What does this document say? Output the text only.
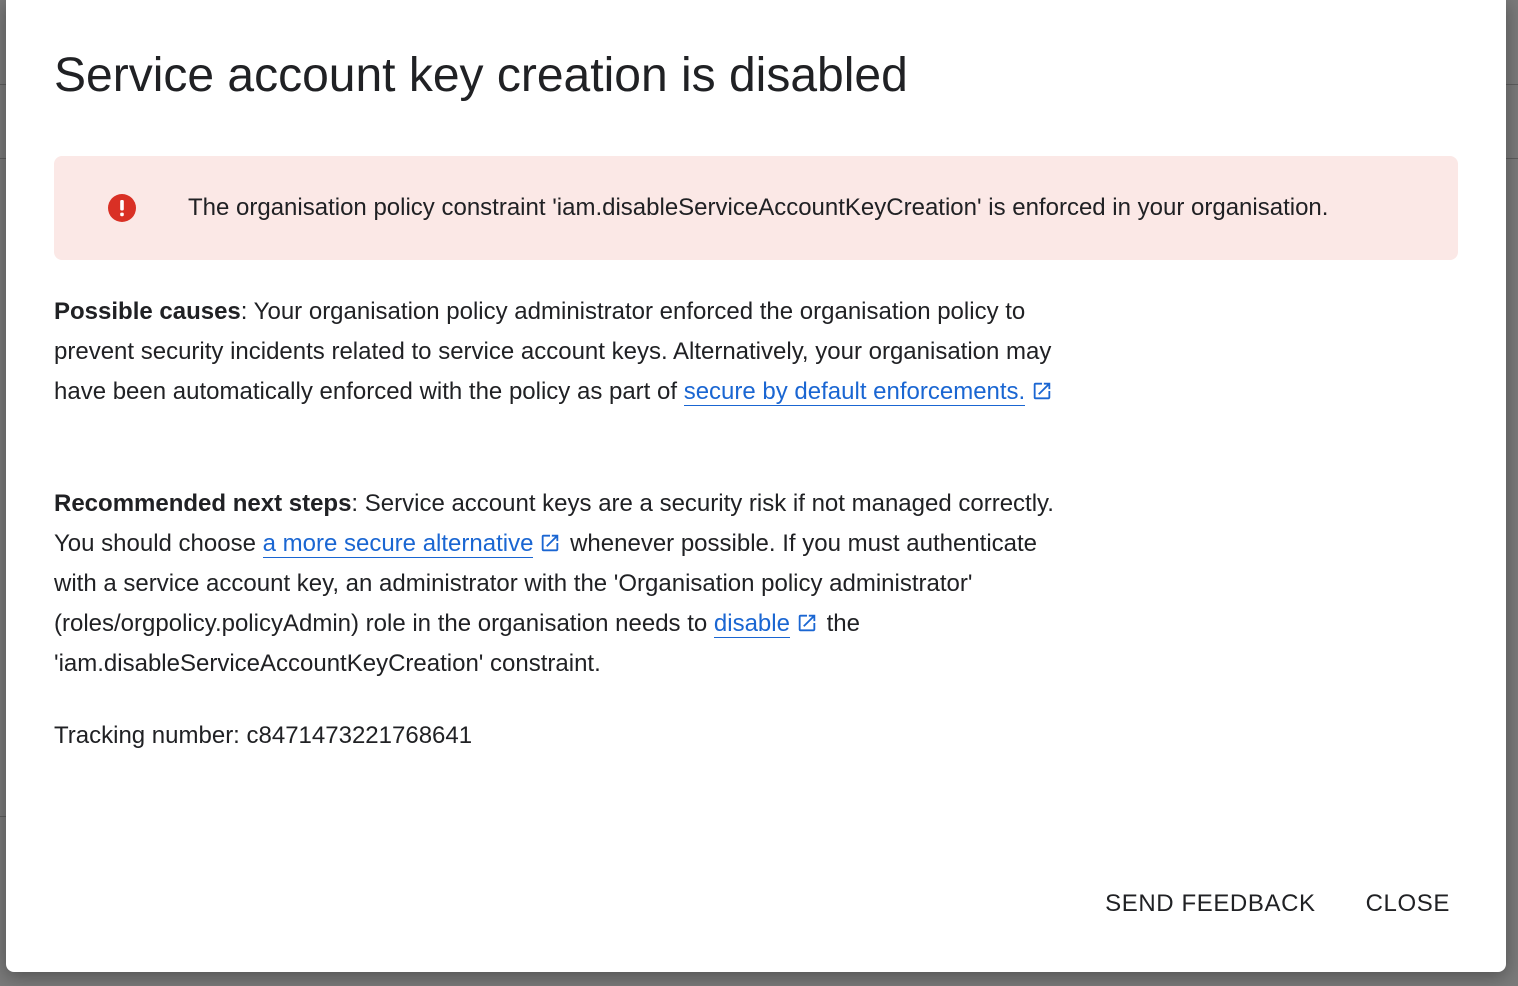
Service account key creation is disabled
The organisation policy constraint 'iam.disableServiceAccountKeyCreation' is enforced in your organisation.

Possible causes: Your organisation policy administrator enforced the organisation policy to prevent security incidents related to service account keys. Alternatively, your organisation may have been automatically enforced with the policy as part of secure by default enforcements.

Recommended next steps: Service account keys are a security risk if not managed correctly. You should choose a more secure alternative whenever possible. If you must authenticate with a service account key, an administrator with the 'Organisation policy administrator' (roles/orgpolicy.policyAdmin) role in the organisation needs to disable the 'iam.disableServiceAccountKeyCreation' constraint.

Tracking number: c8471473221768641

SEND FEEDBACK	CLOSE
